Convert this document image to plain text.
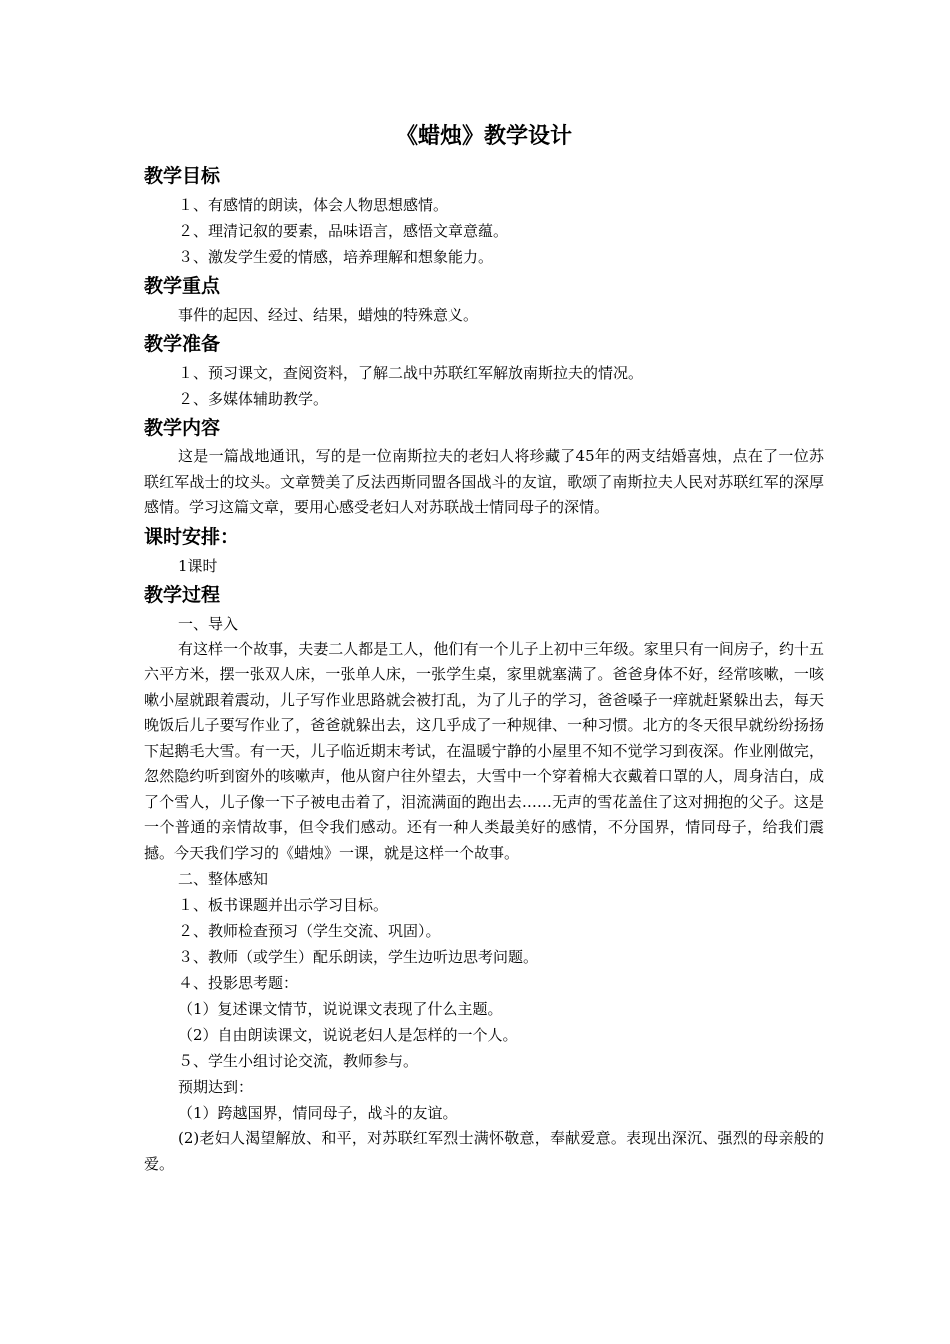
《蜡烛》教学设计
教学目标

１、有感情的朗读，体会人物思想感情。

２、理清记叙的要素，品味语言，感悟文章意蕴。

３、激发学生爱的情感，培养理解和想象能力。

教学重点

事件的起因、经过、结果，蜡烛的特殊意义。

教学准备

１、预习课文，查阅资料，了解二战中苏联红军解放南斯拉夫的情况。

２、多媒体辅助教学。

教学内容

这是一篇战地通讯，写的是一位南斯拉夫的老妇人将珍藏了45年的两支结婚喜烛，点在了一位苏联红军战士的坟头。文章赞美了反法西斯同盟各国战斗的友谊，歌颂了南斯拉夫人民对苏联红军的深厚感情。学习这篇文章，要用心感受老妇人对苏联战士情同母子的深情。

课时安排：

1课时

教学过程

一、导入

有这样一个故事，夫妻二人都是工人，他们有一个儿子上初中三年级。家里只有一间房子，约十五六平方米，摆一张双人床，一张单人床，一张学生桌，家里就塞满了。爸爸身体不好，经常咳嗽，一咳嗽小屋就跟着震动，儿子写作业思路就会被打乱，为了儿子的学习，爸爸嗓子一痒就赶紧躲出去，每天晚饭后儿子要写作业了，爸爸就躲出去，这几乎成了一种规律、一种习惯。北方的冬天很早就纷纷扬扬下起鹅毛大雪。有一天，儿子临近期末考试，在温暖宁静的小屋里不知不觉学习到夜深。作业刚做完，忽然隐约听到窗外的咳嗽声，他从窗户往外望去，大雪中一个穿着棉大衣戴着口罩的人，周身洁白，成了个雪人，儿子像一下子被电击着了，泪流满面的跑出去……无声的雪花盖住了这对拥抱的父子。这是一个普通的亲情故事，但令我们感动。还有一种人类最美好的感情，不分国界，情同母子，给我们震撼。今天我们学习的《蜡烛》一课，就是这样一个故事。

二、整体感知

１、板书课题并出示学习目标。

２、教师检查预习（学生交流、巩固）。

３、教师（或学生）配乐朗读，学生边听边思考问题。

４、投影思考题：

（1）复述课文情节，说说课文表现了什么主题。

（2）自由朗读课文，说说老妇人是怎样的一个人。

５、学生小组讨论交流，教师参与。

预期达到：

（1）跨越国界，情同母子，战斗的友谊。

(2)老妇人渴望解放、和平，对苏联红军烈士满怀敬意，奉献爱意。表现出深沉、强烈的母亲般的爱。
